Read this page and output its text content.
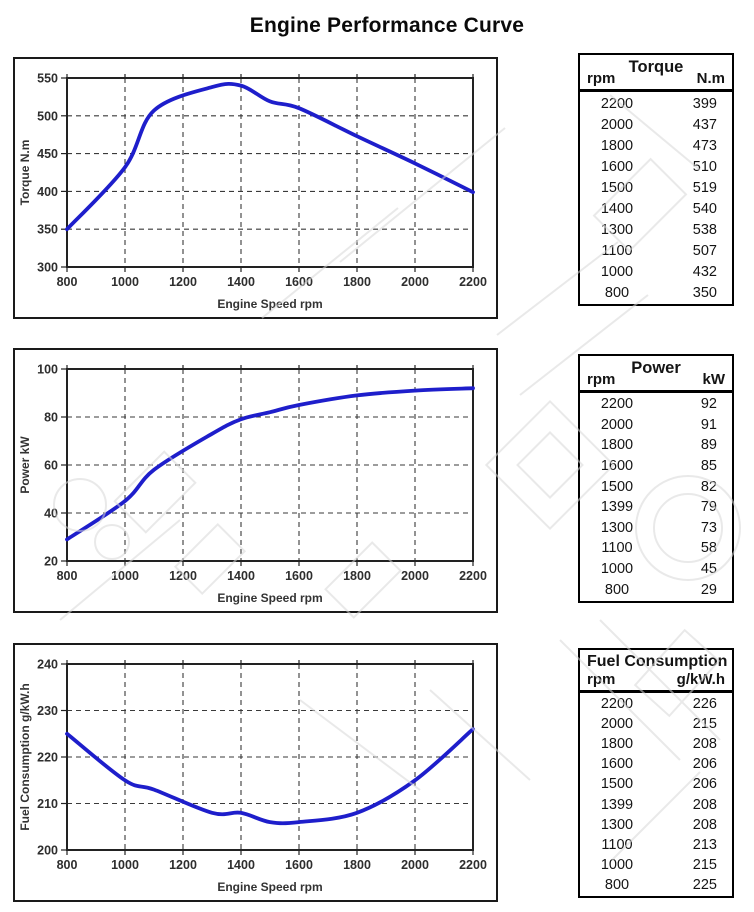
Engine Performance Curve
800	1000 1200 1400 1600 1800 2000 2200
300
350
400
450
500
550
Engine Speed rpm
Torque N.m
800	1000 1200 1400 1600 1800 2000 2200
20
40
60
80
100
Engine Speed rpm
Power kW
800	1000 1200 1400 1600 1800 2000 2200
200
210
220
230
240
Engine Speed rpm
Fuel Consumption g/kW.h
Torque
rpm	N.m
2200	399
2000	437
1800	473
1600	510
1500	519
1400	540
1300	538
1100	507
1000	432
800	350
Power
rpm	kW
2200	92
2000	91
1800	89
1600	85
1500	82
1399	79
1300	73
1100	58
1000	45
800	29
Fuel Consumption
rpm	g/kW.h
2200	226
2000	215
1800	208
1600	206
1500	206
1399	208
1300	208
1100	213
1000	215
800	225
